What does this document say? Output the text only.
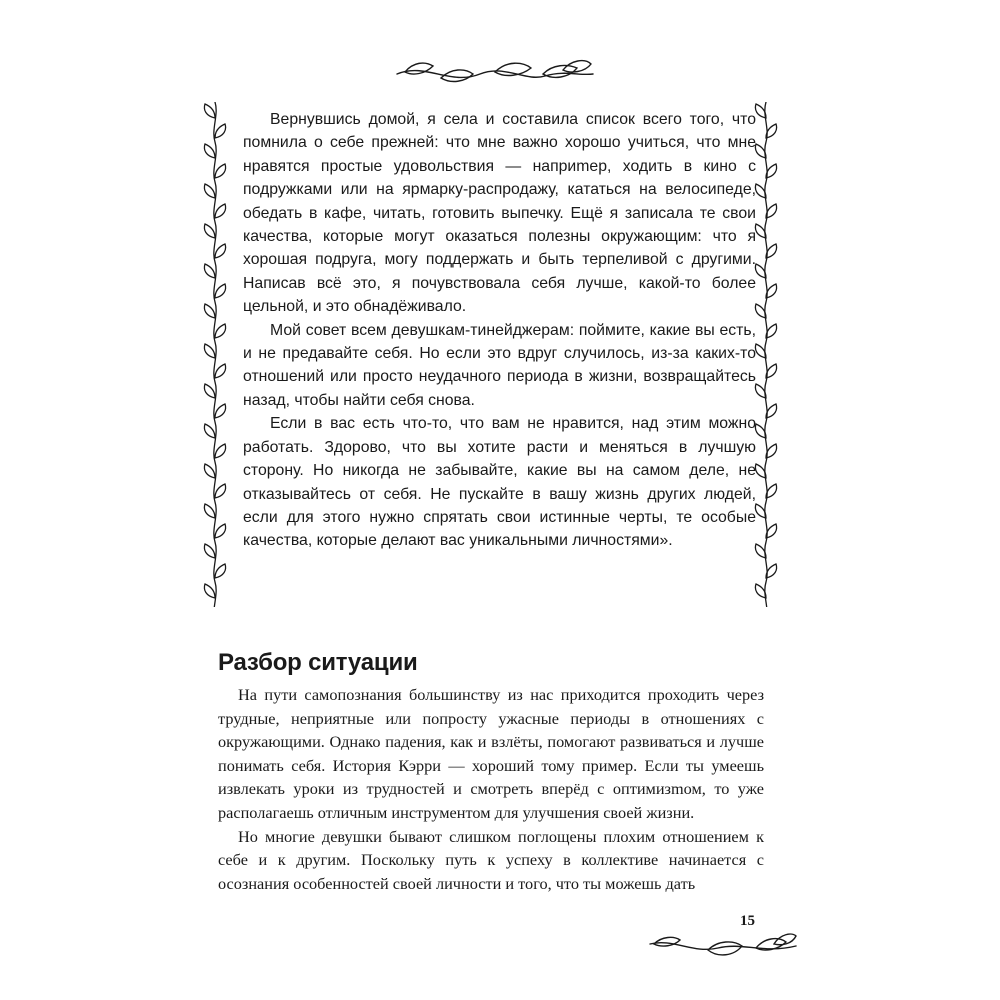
Вернувшись домой, я села и составила список всего того, что помнила о себе прежней: что мне важно хорошо учиться, что мне нравятся простые удовольствия — наприmер, ходить в кино с подружками или на ярмарку-распродажу, кататься на велосипеде, обедать в кафе, читать, готовить выпечку. Ещё я записала те свои качества, которые могут оказаться полезны окружающим: что я хорошая подруга, могу поддержать и быть терпеливой с другими. Написав всё это, я почувствовала себя лучше, какой-то более цельной, и это обнадёживало.

Мой совет всем девушкам-тинейджерам: поймите, какие вы есть, и не предавайте себя. Но если это вдруг случилось, из-за каких-то отношений или просто неудачного периода в жизни, возвращайтесь назад, чтобы найти себя снова.

Если в вас есть что-то, что вам не нравится, над этим можно работать. Здорово, что вы хотите расти и меняться в лучшую сторону. Но никогда не забывайте, какие вы на самом деле, не отказывайтесь от себя. Не пускайте в вашу жизнь других людей, если для этого нужно спрятать свои истинные черты, те особые качества, которые делают вас уникальными личностями».

Разбор ситуации

На пути самопознания большинству из нас приходится проходить через трудные, неприятные или попросту ужасные периоды в отношениях с окружающими. Однако падения, как и взлёты, помогают развиваться и лучше понимать себя. История Кэрри — хороший тому пример. Если ты умеешь извлекать уроки из трудностей и смотреть вперёд с оптимизmом, то уже располагаешь отличным инструментом для улучшения своей жизни.

Но многие девушки бывают слишком поглощены плохим отношением к себе и к другим. Поскольку путь к успеху в коллективе начинается с осознания особенностей своей личности и того, что ты можешь дать

15
